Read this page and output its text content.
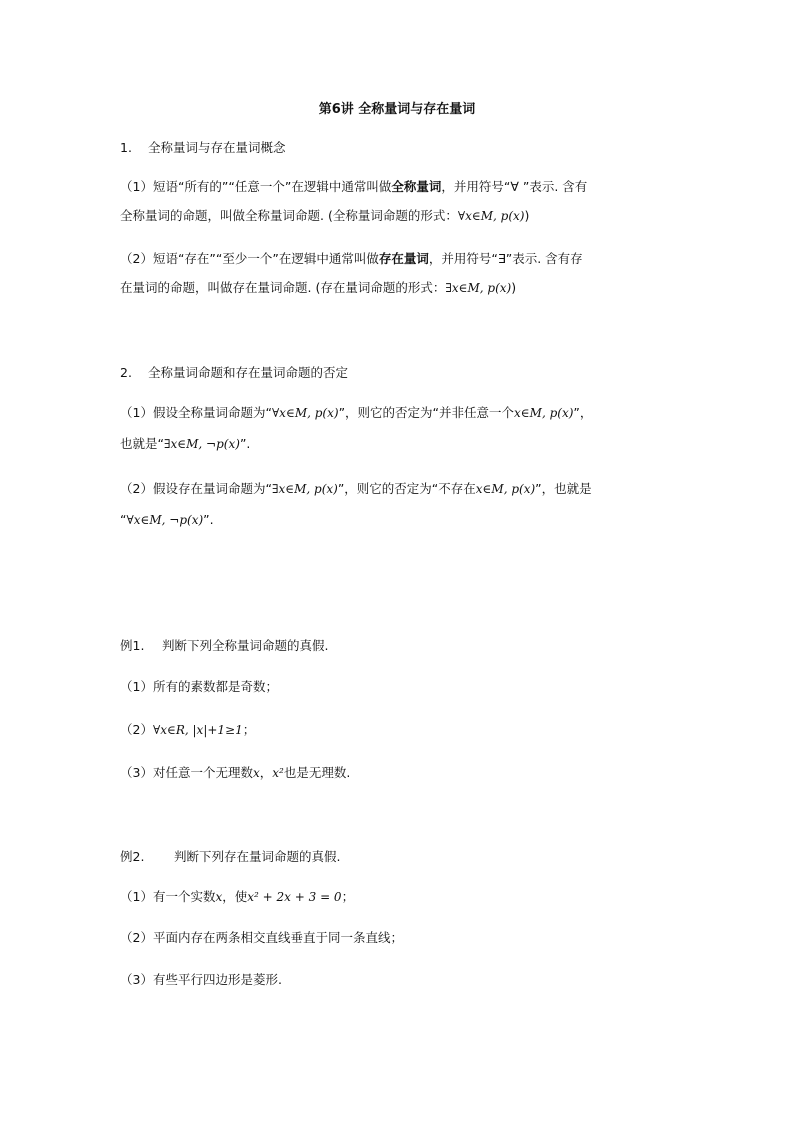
第6讲 全称量词与存在量词
1. 全称量词与存在量词概念
（1）短语“所有的”“任意一个”在逻辑中通常叫做全称量词，并用符号“∀ ”表示. 含有
全称量词的命题，叫做全称量词命题. (全称量词命题的形式：∀x∈M, p(x))
（2）短语“存在”“至少一个”在逻辑中通常叫做存在量词，并用符号“∃”表示. 含有存
在量词的命题，叫做存在量词命题. (存在量词命题的形式：∃x∈M, p(x))
2. 全称量词命题和存在量词命题的否定
（1）假设全称量词命题为“∀x∈M, p(x)”，则它的否定为“并非任意一个x∈M, p(x)”，
也就是“∃x∈M, ¬p(x)”.
（2）假设存在量词命题为“∃x∈M, p(x)”，则它的否定为“不存在x∈M, p(x)”，也就是
“∀x∈M, ¬p(x)”.
例1. 判断下列全称量词命题的真假.
（1）所有的素数都是奇数；
（2）∀x∈R, |x|+1≥1；
（3）对任意一个无理数x，x²也是无理数.
例2. 判断下列存在量词命题的真假.
（1）有一个实数x，使x² + 2x + 3 = 0；
（2）平面内存在两条相交直线垂直于同一条直线；
（3）有些平行四边形是菱形.
